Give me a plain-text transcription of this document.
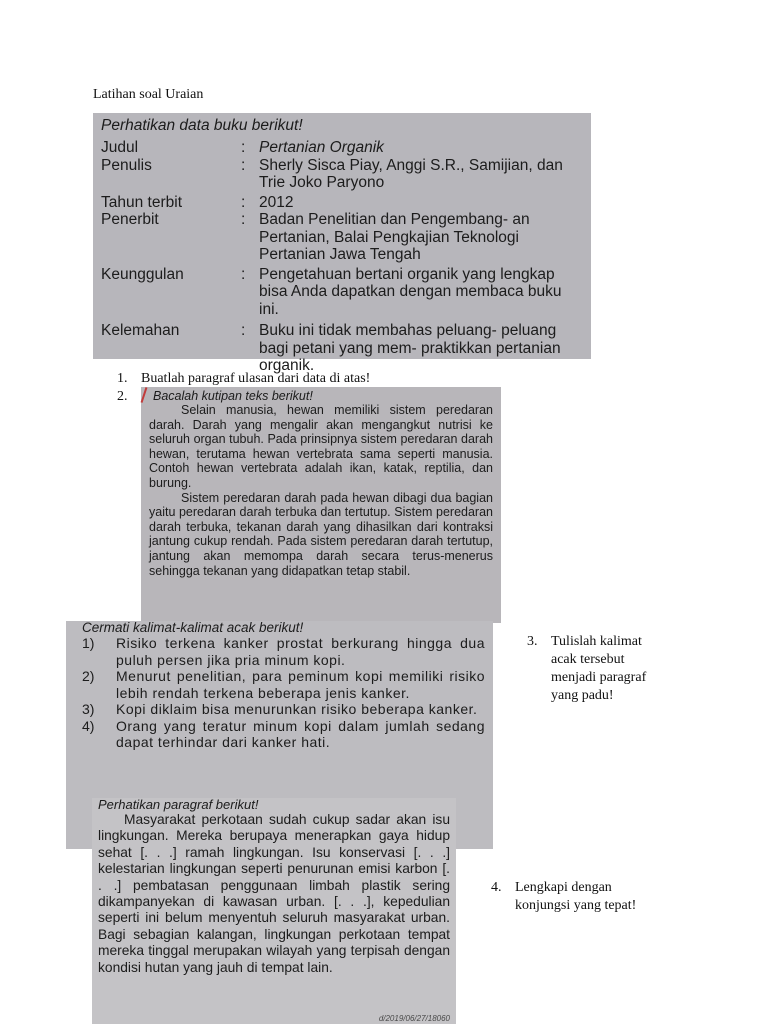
Latihan soal Uraian
Perhatikan data buku berikut!
Judul	: Pertanian Organik
Penulis	: Sherly Sisca Piay, Anggi S.R., Samijian, dan Trie Joko Paryono
Tahun terbit	: 2012
Penerbit	: Badan Penelitian dan Pengembang- an Pertanian, Balai Pengkajian Teknologi Pertanian Jawa Tengah
Keunggulan	: Pengetahuan bertani organik yang lengkap bisa Anda dapatkan dengan membaca buku ini.
Kelemahan	: Buku ini tidak membahas peluang- peluang bagi petani yang mem- praktikkan pertanian organik.
1. Buatlah paragraf ulasan dari data di atas!
2.	Bacalah kutipan teks berikut!

Selain manusia, hewan memiliki sistem peredaran darah. Darah yang mengalir akan mengangkut nutrisi ke seluruh organ tubuh. Pada prinsipnya sistem peredaran darah hewan, terutama hewan vertebrata sama seperti manusia. Contoh hewan vertebrata adalah ikan, katak, reptilia, dan burung.

Sistem peredaran darah pada hewan dibagi dua bagian yaitu peredaran darah terbuka dan tertutup. Sistem peredaran darah terbuka, tekanan darah yang dihasilkan dari kontraksi jantung cukup rendah. Pada sistem peredaran darah tertutup, jantung akan memompa darah secara terus-menerus sehingga tekanan yang didapatkan tetap stabil.

Cermati kalimat-kalimat acak berikut!
1)	Risiko terkena kanker prostat berkurang hingga dua puluh persen jika pria minum kopi.
2)	Menurut penelitian, para peminum kopi memiliki risiko lebih rendah terkena beberapa jenis kanker.
3)	Kopi diklaim bisa menurunkan risiko beberapa kanker.
4)	Orang yang teratur minum kopi dalam jumlah sedang dapat terhindar dari kanker hati.
3. Tulislah kalimat acak tersebut menjadi paragraf yang padu!
Perhatikan paragraf berikut!

Masyarakat perkotaan sudah cukup sadar akan isu lingkungan. Mereka berupaya menerapkan gaya hidup sehat [. . .] ramah lingkungan. Isu konservasi [. . .] kelestarian lingkungan seperti penurunan emisi karbon [. . .] pembatasan penggunaan limbah plastik sering dikampanyekan di kawasan urban. [. . .], kepedulian seperti ini belum menyentuh seluruh masyarakat urban. Bagi sebagian kalangan, lingkungan perkotaan tempat mereka tinggal merupakan wilayah yang terpisah dengan kondisi hutan yang jauh di tempat lain.

d/2019/06/27/18060
4. Lengkapi dengan konjungsi yang tepat!
